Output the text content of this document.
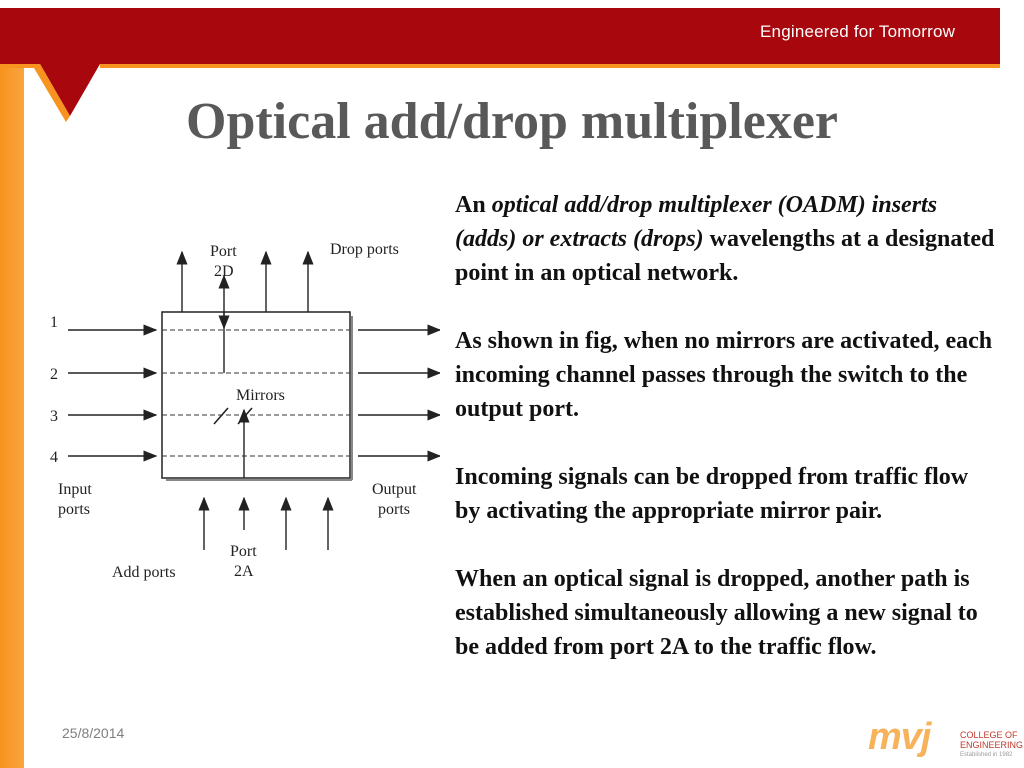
Engineered for Tomorrow
Optical add/drop multiplexer
Port
2D
Drop ports
Mirrors
1
2
3
4
Input
ports
Output
ports
Port
2A
Add ports

An optical add/drop multiplexer (OADM) inserts (adds) or extracts (drops) wavelengths at a designated point in an optical network.

As shown in fig, when no mirrors are activated, each incoming channel passes through the switch to the output port.

Incoming signals can be dropped from traffic flow by activating the appropriate mirror pair.

When an optical signal is dropped, another path is established simultaneously allowing a new signal to be added from port 2A to the traffic flow.

25/8/2014	mvj	COLLEGE OF
ENGINEERING
Established in 1982
